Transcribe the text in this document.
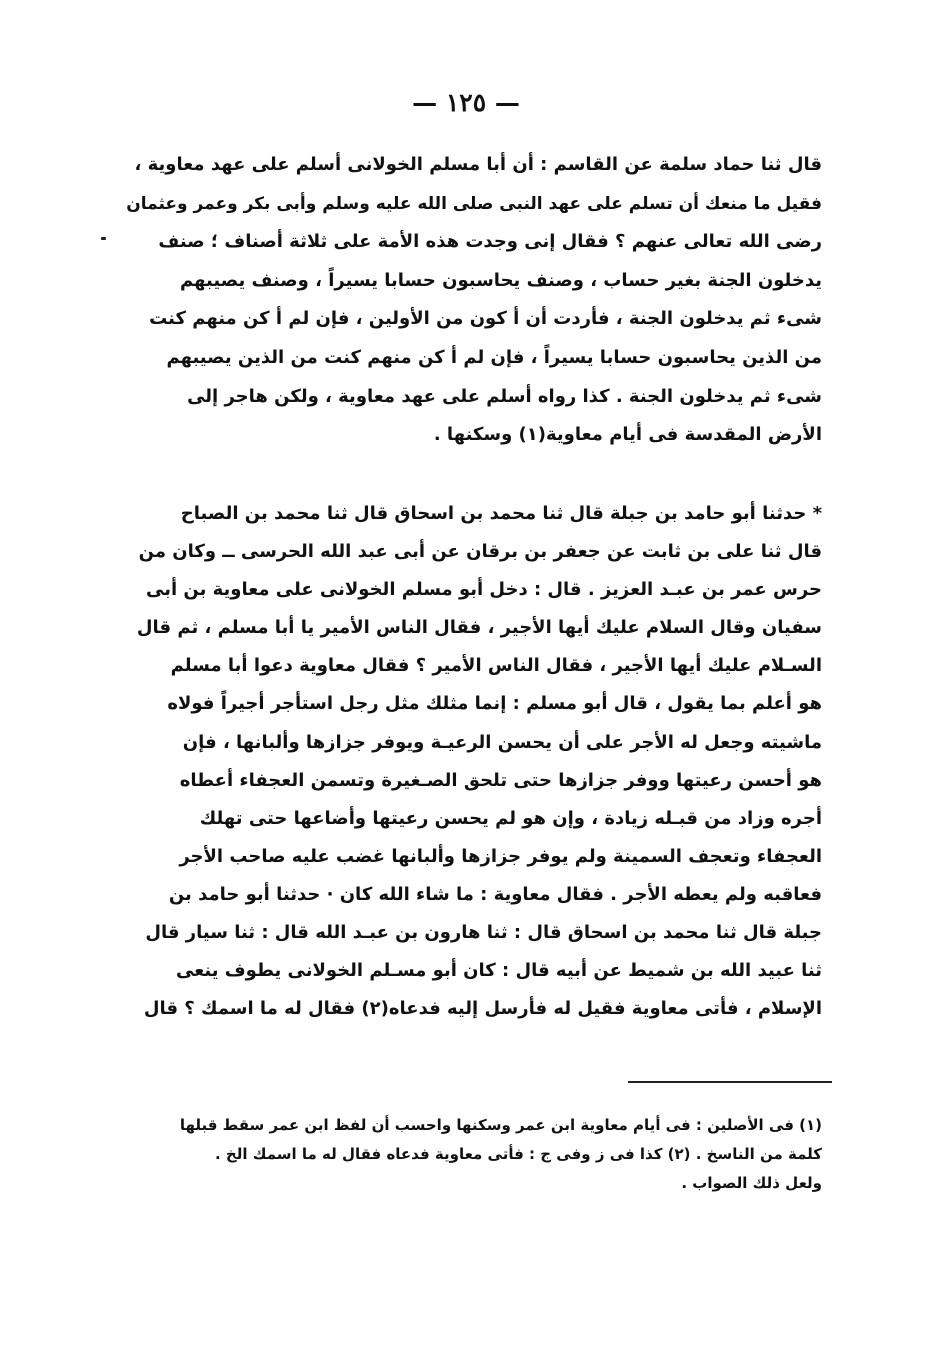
— ١٢٥ —
قال ثنا حماد سلمة عن القاسم : أن أبا مسلم الخولانى أسلم على عهد معاوية ،
فقيل ما منعك أن تسلم على عهد النبى صلى الله عليه وسلم وأبى بكر وعمر وعثمان
رضى الله تعالى عنهم ؟ فقال إنى وجدت هذه الأمة على ثلاثة أصناف ؛ صنف
يدخلون الجنة بغير حساب ، وصنف يحاسبون حسابا يسيراً ، وصنف يصيبهم
شىء ثم يدخلون الجنة ، فأردت أن أ كون من الأولين ، فإن لم أ كن منهم كنت
من الذين يحاسبون حسابا يسيراً ، فإن لم أ كن منهم كنت من الذين يصيبهم
شىء ثم يدخلون الجنة . كذا رواه أسلم على عهد معاوية ، ولكن هاجر إلى
الأرض المقدسة فى أيام معاوية(١) وسكنها .
* حدثنا أبو حامد بن جبلة قال ثنا محمد بن اسحاق قال ثنا محمد بن الصباح
قال ثنا على بن ثابت عن جعفر بن برقان عن أبى عبد الله الحرسى ــ وكان من
حرس عمر بن عبـد العزيز . قال : دخل أبو مسلم الخولانى على معاوية بن أبى
سفيان وقال السلام عليك أيها الأجير ، فقال الناس الأمير يا أبا مسلم ، ثم قال
السـلام عليك أيها الأجير ، فقال الناس الأمير ؟ فقال معاوية دعوا أبا مسلم
هو أعلم بما يقول ، قال أبو مسلم : إنما مثلك مثل رجل استأجر أجيراً فولاه
ماشيته وجعل له الأجر على أن يحسن الرعيـة ويوفر جزازها وألبانها ، فإن
هو أحسن رعيتها ووفر جزازها حتى تلحق الصـغيرة وتسمن العجفاء أعطاه
أجره وزاد من قبـله زيادة ، وإن هو لم يحسن رعيتها وأضاعها حتى تهلك
العجفاء وتعجف السمينة ولم يوفر جزازها وألبانها غضب عليه صاحب الأجر
فعاقبه ولم يعطه الأجر . فقال معاوية : ما شاء الله كان · حدثنا أبو حامد بن
جبلة قال ثنا محمد بن اسحاق قال : ثنا هارون بن عبـد الله قال : ثنا سيار قال
ثنا عبيد الله بن شميط عن أبيه قال : كان أبو مسـلم الخولانى يطوف ينعى
الإسلام ، فأتى معاوية فقيل له فأرسل إليه فدعاه(٢) فقال له ما اسمك ؟ قال
(١) فى الأصلين : فى أيام معاوية ابن عمر وسكنها واحسب أن لفظ ابن عمر سقط قبلها
كلمة من الناسخ . (٢) كذا فى ز وفى ج : فأتى معاوية فدعاه فقال له ما اسمك الخ .
ولعل ذلك الصواب .
